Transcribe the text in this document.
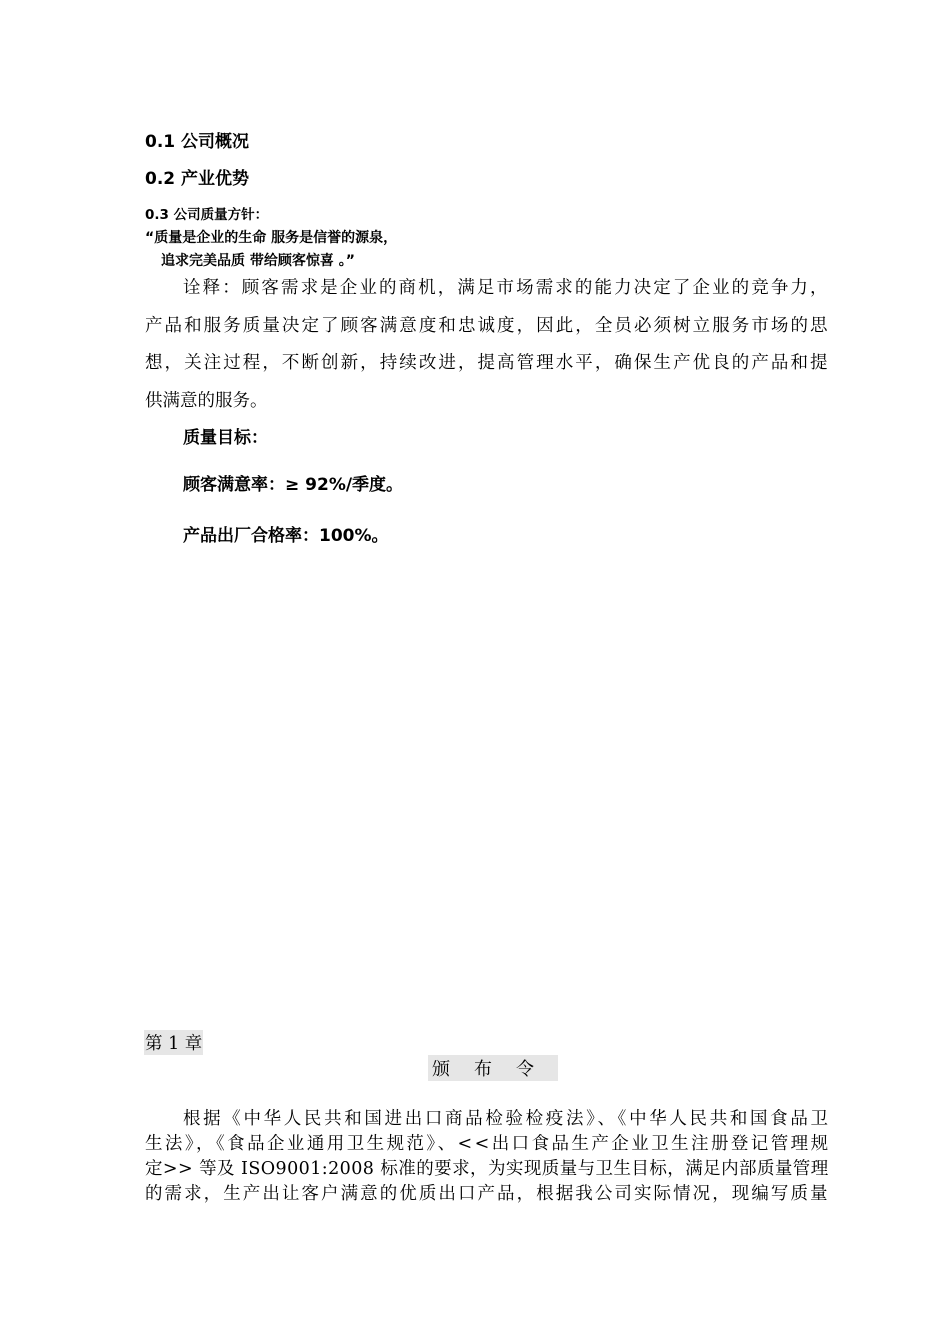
0.1 公司概况
0.2 产业优势
0.3 公司质量方针：
“质量是企业的生命 服务是信誉的源泉，
追求完美品质 带给顾客惊喜 。”
诠释：顾客需求是企业的商机，满足市场需求的能力决定了企业的竞争力，
产品和服务质量决定了顾客满意度和忠诚度，因此，全员必须树立服务市场的思
想，关注过程，不断创新，持续改进，提高管理水平，确保生产优良的产品和提
供满意的服务。
质量目标：
顾客满意率：≥ 92%/季度。
产品出厂合格率：100%。
第 1 章
颁布令
根据《中华人民共和国进出口商品检验检疫法》、《中华人民共和国食品卫
生法》，《食品企业通用卫生规范》、<<出口食品生产企业卫生注册登记管理规
定>> 等及 ISO9001:2008 标准的要求，为实现质量与卫生目标，满足内部质量管理
的需求，生产出让客户满意的优质出口产品，根据我公司实际情况，现编写质量
